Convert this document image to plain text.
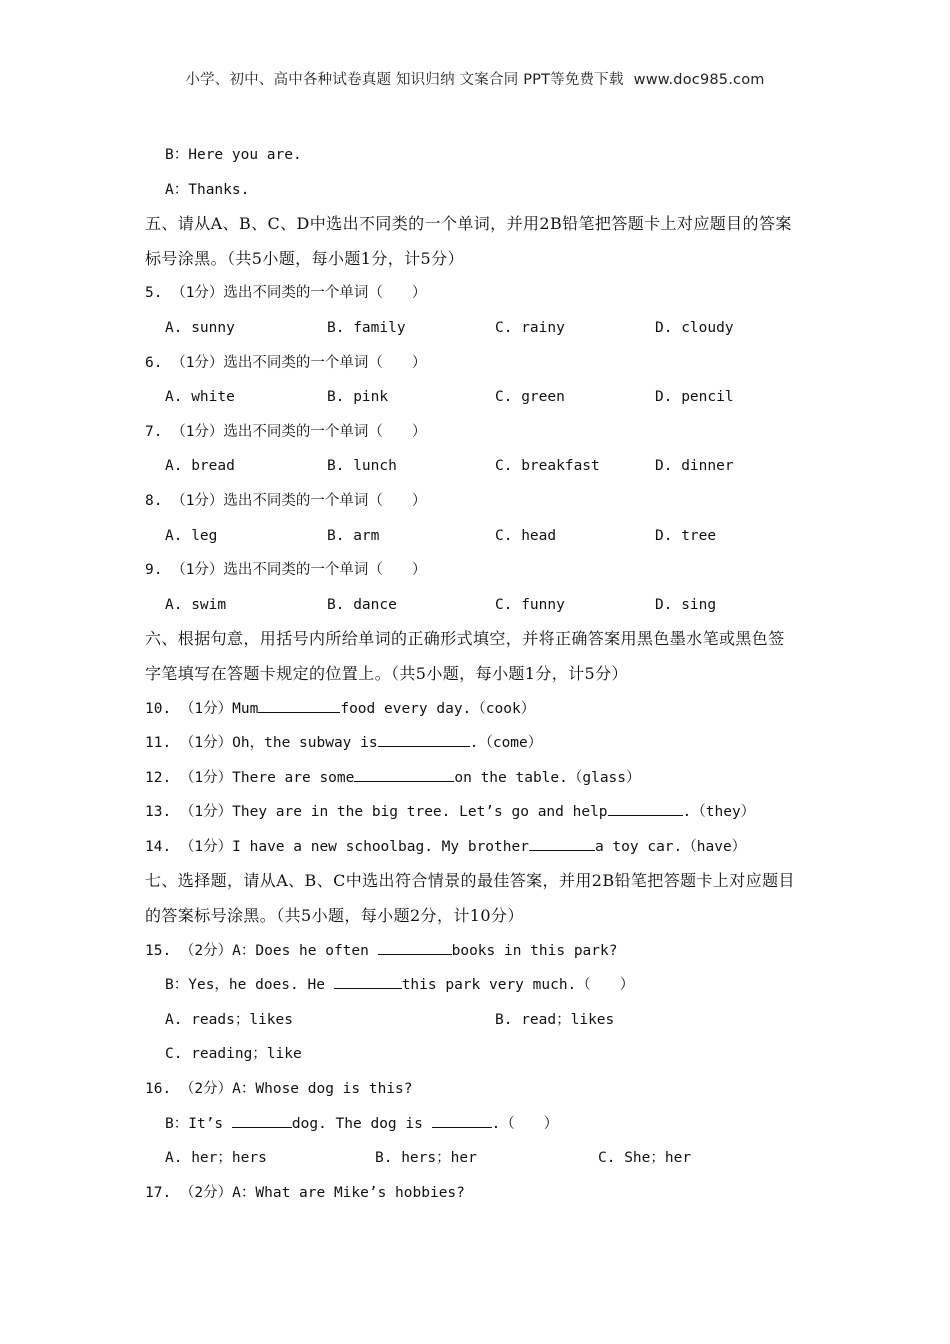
小学、初中、高中各种试卷真题 知识归纳 文案合同 PPT等免费下载 www.doc985.com
B：Here you are.
A：Thanks.
五、请从A、B、C、D中选出不同类的一个单词，并用2B铅笔把答题卡上对应题目的答案
标号涂黑。（共5小题，每小题1分，计5分）
5. （1分）选出不同类的一个单词（　　）
A. sunny	B. family	C. rainy	D. cloudy
6. （1分）选出不同类的一个单词（　　）
A. white	B. pink	C. green	D. pencil
7. （1分）选出不同类的一个单词（　　）
A. bread	B. lunch	C. breakfast	D. dinner
8. （1分）选出不同类的一个单词（　　）
A. leg	B. arm	C. head	D. tree
9. （1分）选出不同类的一个单词（　　）
A. swim	B. dance	C. funny	D. sing
六、根据句意，用括号内所给单词的正确形式填空，并将正确答案用黑色墨水笔或黑色签
字笔填写在答题卡规定的位置上。（共5小题，每小题1分，计5分）
10. （1分）Mum	food every day.（cook）
11. （1分）Oh，the subway is	.（come）
12. （1分）There are some	on the table.（glass）
13. （1分）They are in the big tree. Let’s go and help	.（they）
14. （1分）I have a new schoolbag. My brother	a toy car.（have）
七、选择题，请从A、B、C中选出符合情景的最佳答案，并用2B铅笔把答题卡上对应题目
的答案标号涂黑。（共5小题，每小题2分，计10分）
15. （2分）A：Does he often	books in this park?
B：Yes，he does. He	this park very much.（　　）
A. reads；likes	B. read；likes
C. reading；like
16. （2分）A：Whose dog is this?
B：It’s	dog. The dog is	.（　　）
A. her；hers	B. hers；her	C. She；her
17. （2分）A：What are Mike’s hobbies?
